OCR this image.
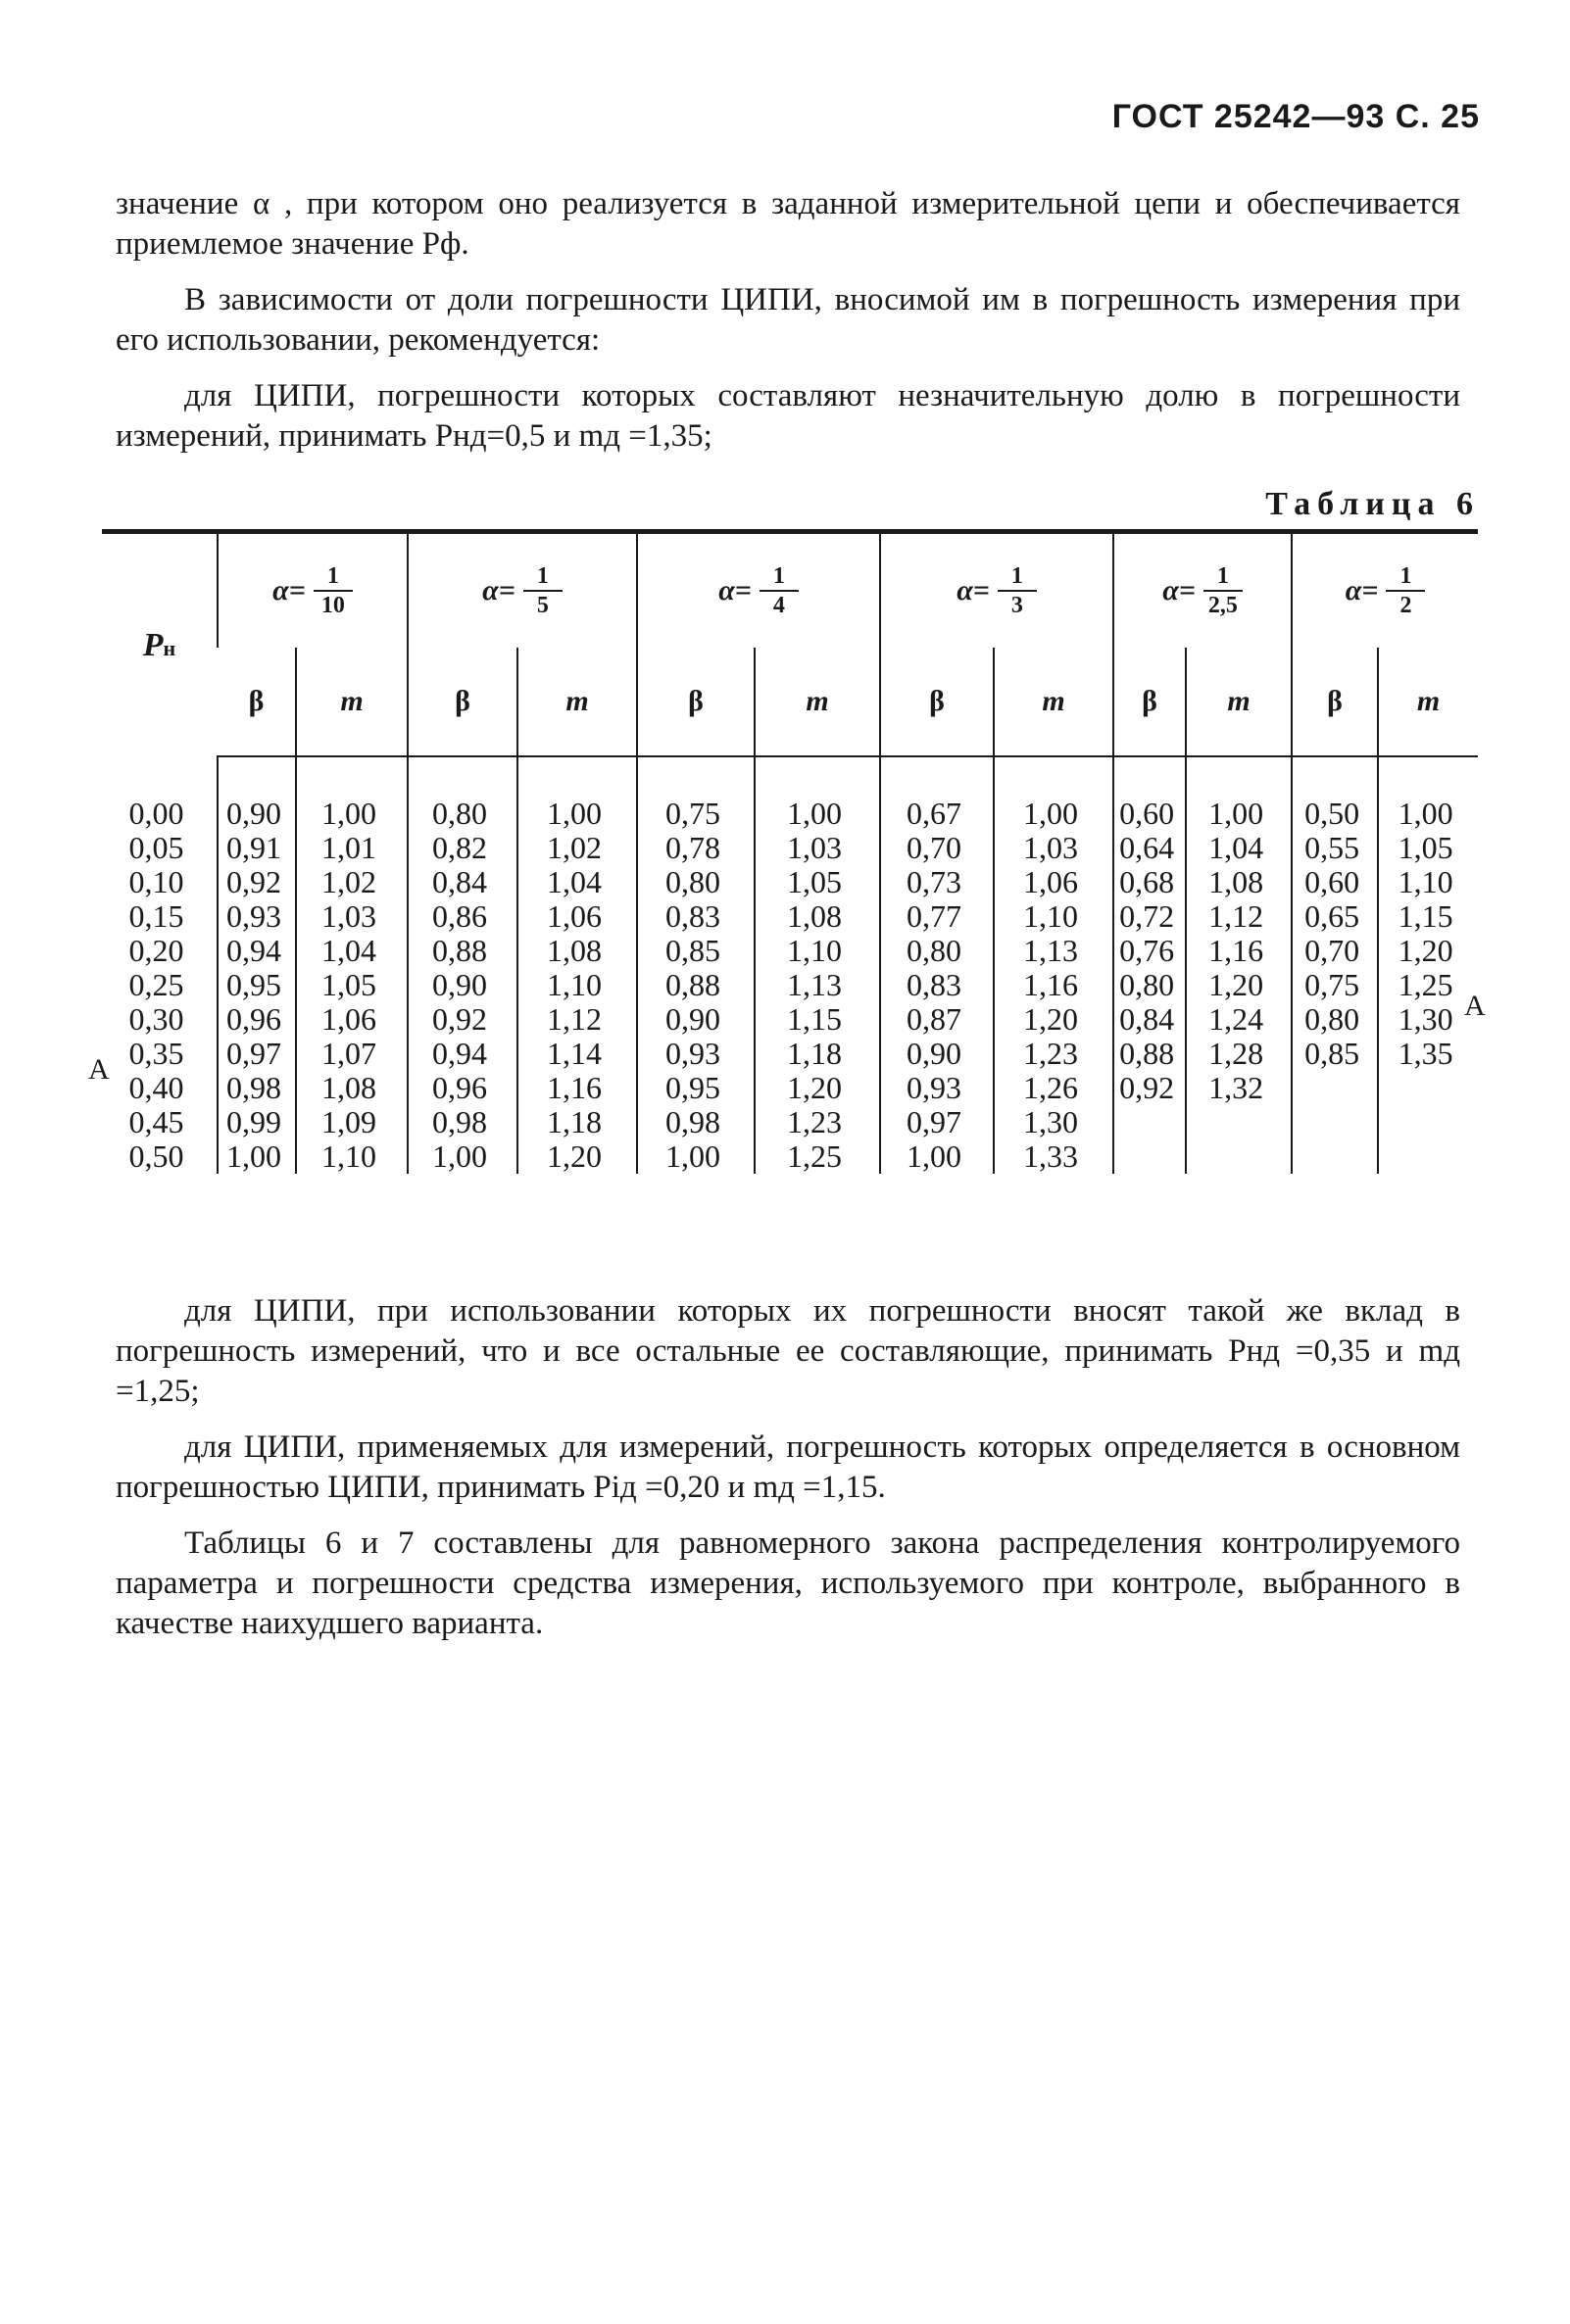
ГОСТ 25242—93 С. 25

значение α , при котором оно реализуется в заданной измерительной цепи и обеспечивается приемлемое значение Pф.

В зависимости от доли погрешности ЦИПИ, вносимой им в погрешность измерения при его использовании, рекомендуется:

для ЦИПИ, погрешности которых составляют незначительную долю в погрешности измерений, принимать Pнд=0,5 и mд =1,35;

Таблица 6
Pн	$\alpha= \frac{1}{10}$		$\alpha= \frac{1}{5}$		$\alpha= \frac{1}{4}$		$\alpha= \frac{1}{3}$		$\alpha= \frac{1}{2,5}$		$\alpha= \frac{1}{2}$

	β	m	β	m	β	m	β	m	β	m	β	m
0,00	0,90	1,00	0,80	1,00	0,75	1,00	0,67	1,00	0,60	1,00	0,50	1,00
0,05	0,91	1,01	0,82	1,02	0,78	1,03	0,70	1,03	0,64	1,04	0,55	1,05
0,10	0,92	1,02	0,84	1,04	0,80	1,05	0,73	1,06	0,68	1,08	0,60	1,10
0,15	0,93	1,03	0,86	1,06	0,83	1,08	0,77	1,10	0,72	1,12	0,65	1,15
0,20	0,94	1,04	0,88	1,08	0,85	1,10	0,80	1,13	0,76	1,16	0,70	1,20
0,25	0,95	1,05	0,90	1,10	0,88	1,13	0,83	1,16	0,80	1,20	0,75	1,25
0,30	0,96	1,06	0,92	1,12	0,90	1,15	0,87	1,20	0,84	1,24	0,80	1,30
0,35	0,97	1,07	0,94	1,14	0,93	1,18	0,90	1,23	0,88	1,28	0,85	1,35
0,40	0,98	1,08	0,96	1,16	0,95	1,20	0,93	1,26	0,92	1,32		
0,45	0,99	1,09	0,98	1,18	0,98	1,23	0,97	1,30				
0,50	1,00	1,10	1,00	1,20	1,00	1,25	1,00	1,33				
A
A

для ЦИПИ, при использовании которых их погрешности вносят такой же вклад в погрешность измерений, что и все остальные ее составляющие, принимать Pнд =0,35 и mд =1,25;

для ЦИПИ, применяемых для измерений, погрешность которых определяется в основном погрешностью ЦИПИ, принимать Piд =0,20 и mд =1,15.

Таблицы 6 и 7 составлены для равномерного закона распределения контролируемого параметра и погрешности средства измерения, используемого при контроле, выбранного в качестве наихудшего варианта.
